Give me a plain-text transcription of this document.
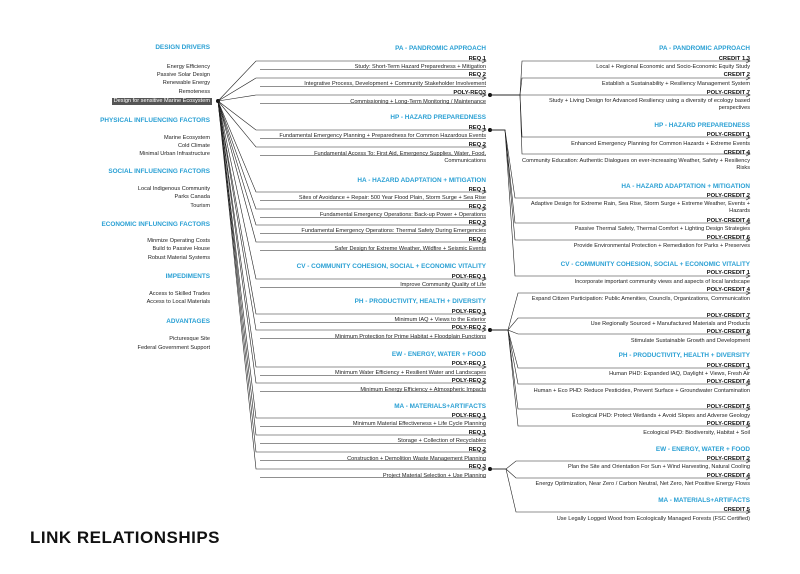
LINK RELATIONSHIPS
DESIGN DRIVERS
Energy Efficiency
Passive Solar Design
Renewable Energy
Remoteness
Design for sensitive Marine Ecosystem
PHYSICAL INFLUENCING FACTORS
Marine Ecosystem
Cold Climate
Minimal Urban Infrastructure
SOCIAL INFLUENCING FACTORS
Local Indigenous Community
Parks Canada
Tourism
ECONOMIC INFLUNCING FACTORS
Minmize Operating Costs
Build to Passive House
Robust Material Systems
IMPEDIMENTS
Access to Skilled Trades
Access to Local Materials
ADVANTAGES
Picturesque Site
Federal Government Support
PA - PANDROMIC APPROACH
REQ 1
Study: Short-Term Hazard Preparedness + Mitigation
REQ 2
Integrative Process, Development + Community Stakeholder Involvement
POLY-REQ3
Commissioning + Long-Term Monitoring / Maintenance
HP - HAZARD PREPAREDNESS
REQ 1
Fundamental Emergency Planning + Preparedness for Common Hazardous Events
REQ 2
Fundamental Access To: First Aid, Emergency Supplies, Water, Food, Communications
HA - HAZARD ADAPTATION + MITIGATION
REQ 1
Sites of Avoidance + Repair: 500 Year Flood Plain, Storm Surge + Sea Rise
REQ 2
Fundamental Emergency Operations: Back-up Power + Operations
REQ 3
Fundamental Emergency Operations: Thermal Safety During Emergencies
REQ 4
Safer Design for Extreme Weather, Wildfire + Seismic Events
CV - COMMUNITY COHESION, SOCIAL + ECONOMIC VITALITY
POLY-REQ 1
Improve Community Quality of Life
PH - PRODUCTIVITY, HEALTH + DIVERSITY
POLY-REQ 1
Minimum IAQ + Views to the Exterior
POLY-REQ 2
Minimum Protection for Prime Habitat + Floodplain Functions
EW - ENERGY, WATER + FOOD
POLY-REQ 1
Minimum Water Efficiency + Resilient Water and Landscapes
POLY-REQ 2
Minimum Energy Efficiency + Atmospheric Impacts
MA - MATERIALS+ARTIFACTS
POLY-REQ 1
Minimum Material Effectiveness + Life Cycle Planning
REQ 1
Storage + Collection of Recyclables
REQ 2
Construction + Demolition Waste Management Planning
REQ 3
Project Material Selection + Use Planning
PA - PANDROMIC APPROACH
CREDIT 1.3
Local + Regional Economic and Socio-Economic Equity Study
CREDIT 2
Establish a Sustainability + Resiliency Management System
POLY-CREDIT 7
Study + Living Design for Advanced Resiliency using a diversity of ecology based perspectives
HP - HAZARD PREPAREDNESS
POLY-CREDIT 1
Enhanced Emergency Planning for Common Hazards + Extreme Events
CREDIT 4
Community Education: Authentic Dialogues on ever-increasing Weather, Safety + Resiliency Risks
HA - HAZARD ADAPTATION + MITIGATION
POLY-CREDIT 2
Adaptive Design for Extreme Rain, Sea Rise, Storm Surge + Extreme Weather, Events + Hazards
POLY-CREDIT 4
Passive Thermal Safety, Thermal Comfort + Lighting Design Strategies
POLY-CREDIT 6
Provide Environmental Protection + Remediation for Parks + Preserves
CV - COMMUNITY COHESION, SOCIAL + ECONOMIC VITALITY
POLY-CREDIT 1
Incorporate important community views and aspects of local landscape
POLY-CREDIT 4
Expand Citizen Participation: Public Amenities, Councils, Organizations, Communication
POLY-CREDIT 7
Use Regionally Sourced + Manufactured Materials and Products
POLY-CREDIT 8
Stimulate Sustainable Growth and Development
PH - PRODUCTIVITY, HEALTH + DIVERSITY
POLY-CREDIT 1
Human PHD: Expanded IAQ, Daylight + Views, Fresh Air
POLY-CREDIT 4
Human + Eco PHD: Reduce Pesticides, Prevent Surface + Groundwater Contamination
POLY-CREDIT 5
Ecological PHD: Protect Wetlands + Avoid Slopes and Adverse Geology
POLY-CREDIT 6
Ecological PHD: Biodiversity, Habitat + Soil
EW - ENERGY, WATER + FOOD
POLY-CREDIT 2
Plan the Site and Orientation For Sun + Wind Harvesting, Natural Cooling
POLY-CREDIT 4
Energy Optimization, Near Zero / Carbon Neutral, Net Zero, Net Positive Energy Flows
MA - MATERIALS+ARTIFACTS
CREDIT 5
Use Legally Logged Wood from Ecologically Managed Forests (FSC Certified)
